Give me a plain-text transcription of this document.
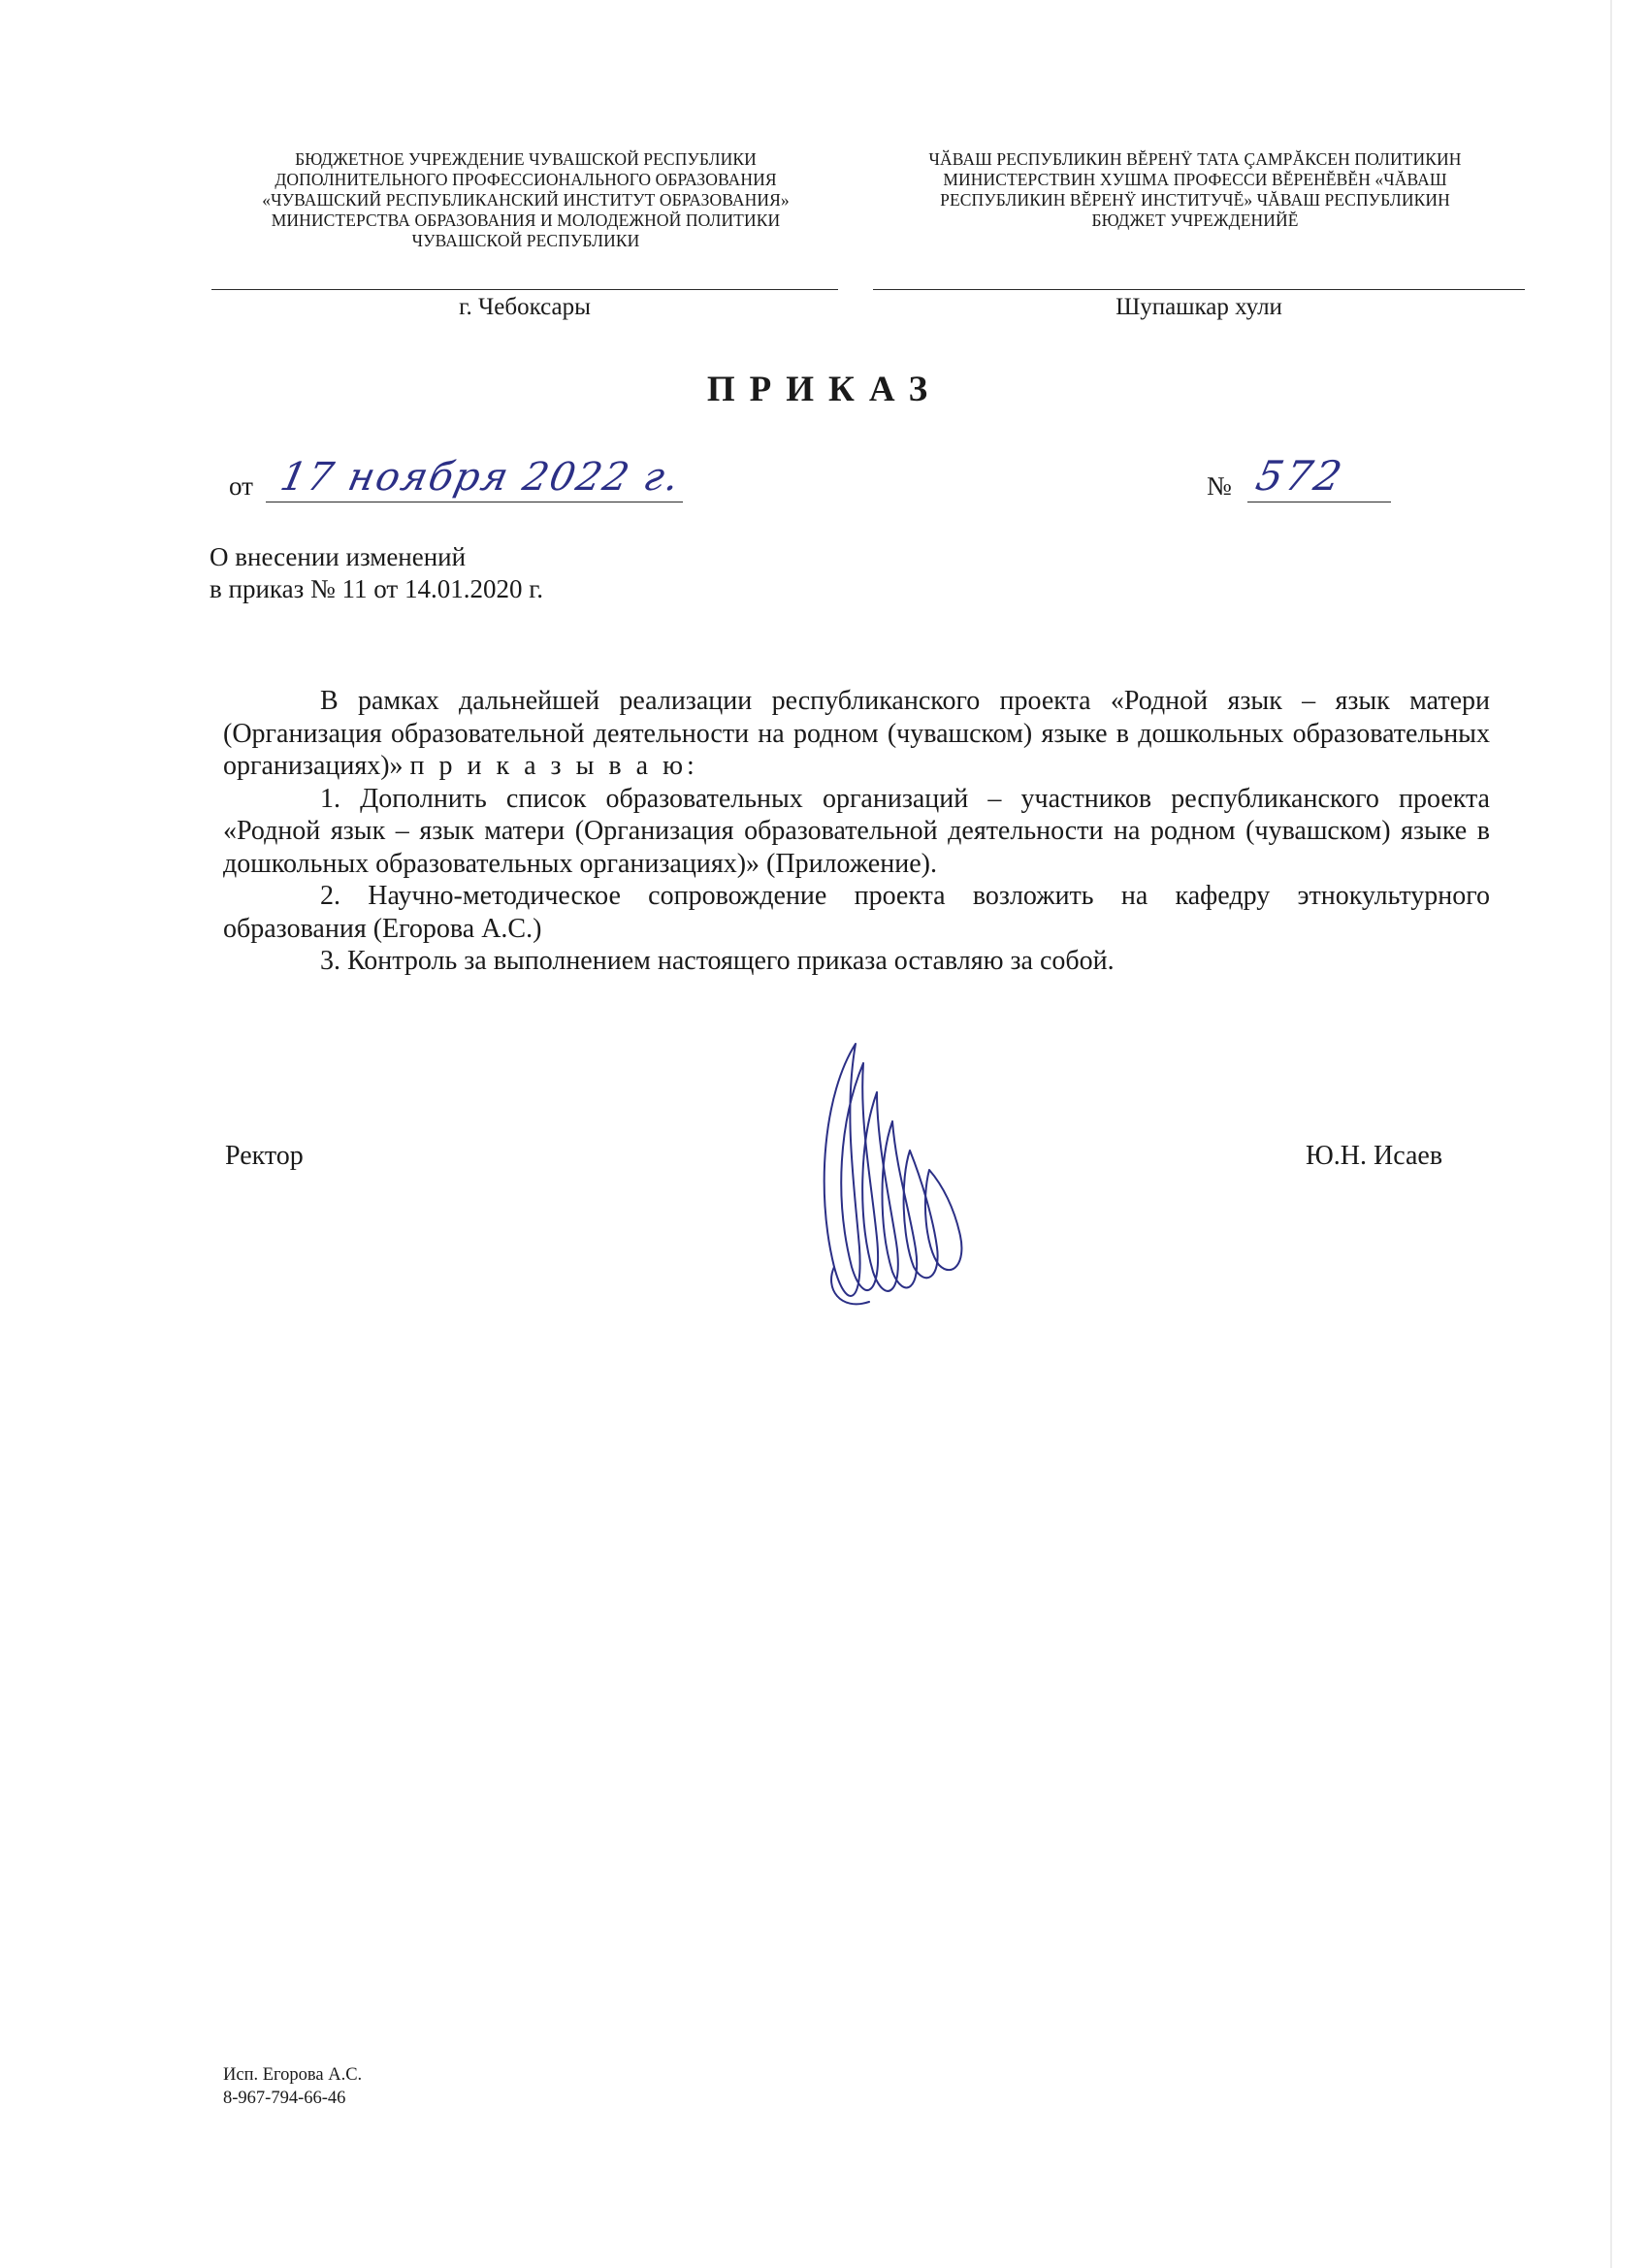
БЮДЖЕТНОЕ УЧРЕЖДЕНИЕ ЧУВАШСКОЙ РЕСПУБЛИКИ
ДОПОЛНИТЕЛЬНОГО ПРОФЕССИОНАЛЬНОГО ОБРАЗОВАНИЯ
«ЧУВАШСКИЙ РЕСПУБЛИКАНСКИЙ ИНСТИТУТ ОБРАЗОВАНИЯ»
МИНИСТЕРСТВА ОБРАЗОВАНИЯ И МОЛОДЕЖНОЙ ПОЛИТИКИ
ЧУВАШСКОЙ РЕСПУБЛИКИ
ЧӐВАШ РЕСПУБЛИКИН ВĔРЕНŸ ТАТА ÇАМРĂКСЕН ПОЛИТИКИН
МИНИСТЕРСТВИН ХУШМА ПРОФЕССИ ВĔРЕНĔВĔН «ЧĂВАШ
РЕСПУБЛИКИН ВĔРЕНŸ ИНСТИТУЧĔ» ЧĂВАШ РЕСПУБЛИКИН
БЮДЖЕТ УЧРЕЖДЕНИЙĔ
г. Чебоксары	Шупашкар хули
ПРИКАЗ
от 17 ноября 2022 г.	№ 572
О внесении изменений
в приказ № 11 от 14.01.2020 г.

В рамках дальнейшей реализации республиканского проекта «Родной язык – язык матери (Организация образовательной деятельности на родном (чувашском) языке в дошкольных образовательных организациях)» п р и к а з ы в а ю:

1. Дополнить список образовательных организаций – участников республиканского проекта «Родной язык – язык матери (Организация образовательной деятельности на родном (чувашском) языке в дошкольных образовательных организациях)» (Приложение).

2. Научно-методическое сопровождение проекта возложить на кафедру этнокультурного образования (Егорова А.С.)

3. Контроль за выполнением настоящего приказа оставляю за собой.

Ректор	Ю.Н. Исаев
Исп. Егорова А.С.
8-967-794-66-46
